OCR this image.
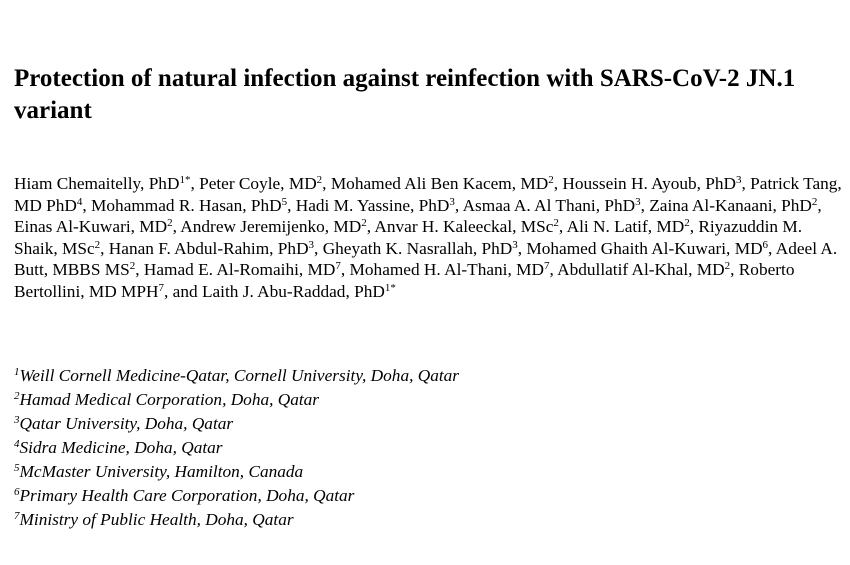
Protection of natural infection against reinfection with SARS-CoV-2 JN.1 variant

Hiam Chemaitelly, PhD$^{1*}$, Peter Coyle, $MD^2$, Mohamed Ali Ben Kacem, $MD^2$, Houssein H. Ayoub, PhD$^3$, Patrick Tang, MD PhD$^4$, Mohammad R. Hasan, PhD$^5$, Hadi M. Yassine, PhD$^3$, Asmaa A. Al Thani, PhD$^3$, Zaina Al-Kanaani, PhD$^2$, Einas Al-Kuwari, $MD^2$, Andrew Jeremijenko, $MD^2$, Anvar H. Kaleeckal, MSc$^2$, Ali N. Latif, $MD^2$, Riyazuddin M. Shaik, MSc$^2$, Hanan F. Abdul-Rahim, PhD$^3$, Gheyath K. Nasrallah, PhD$^3$, Mohamed Ghaith Al-Kuwari, $MD^6$, Adeel A. Butt, MBBS $MS^2$, Hamad E. Al-Romaihi, $MD^7$, Mohamed H. Al-Thani, $MD^7$, Abdullatif Al-Khal, $MD^2$, Roberto Bertollini, MD MPH$^7$, and Laith J. Abu-Raddad, PhD$^{1*}$

$^1$Weill Cornell Medicine-Qatar, Cornell University, Doha, Qatar
$^2$Hamad Medical Corporation, Doha, Qatar
$^3$Qatar University, Doha, Qatar
$^4$Sidra Medicine, Doha, Qatar
$^5$McMaster University, Hamilton, Canada
$^6$Primary Health Care Corporation, Doha, Qatar
$^7$Ministry of Public Health, Doha, Qatar
